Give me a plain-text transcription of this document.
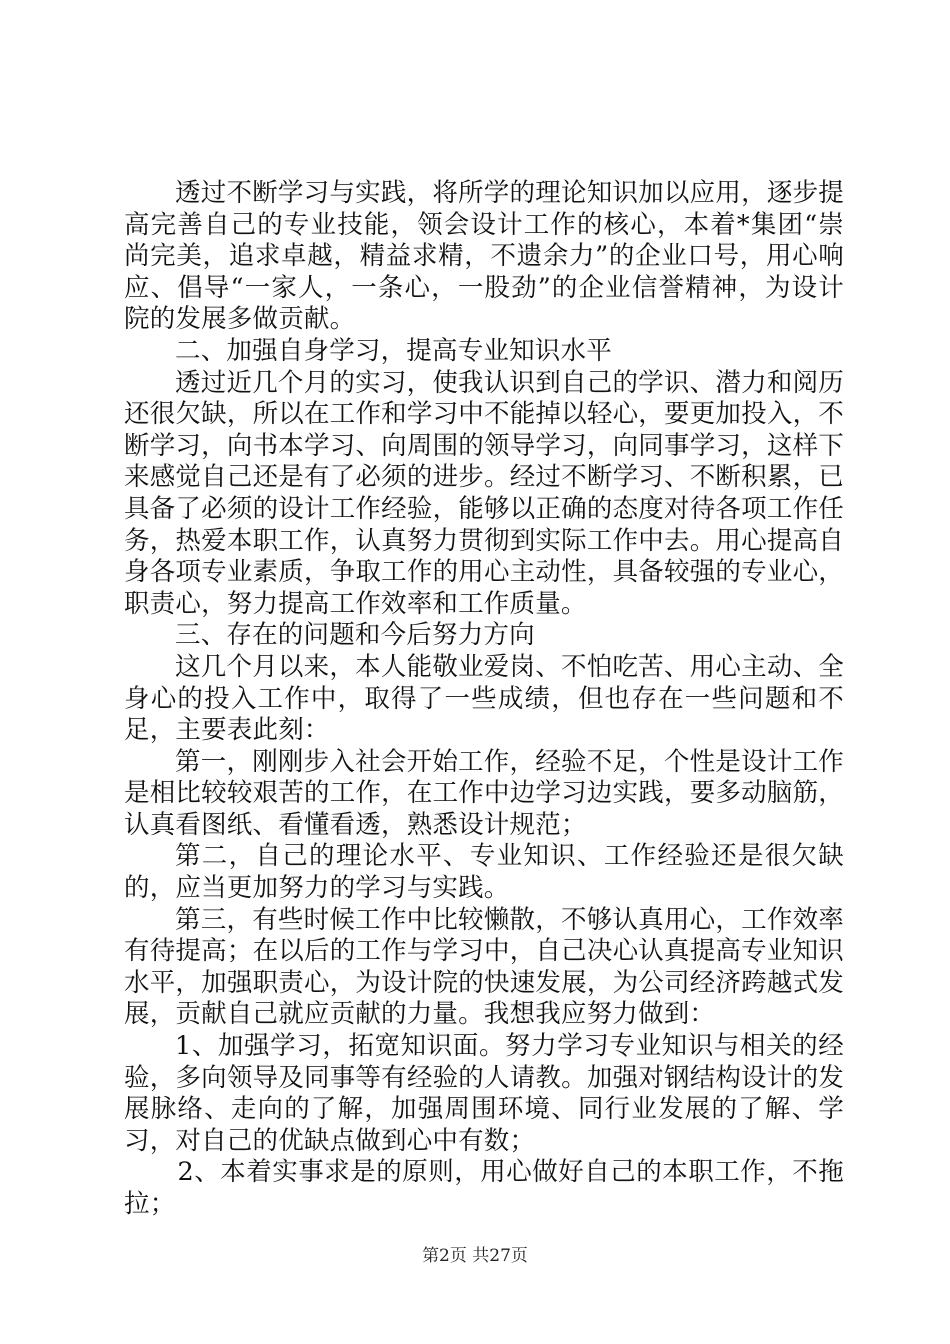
透过不断学习与实践，将所学的理论知识加以应用，逐步提高完善自己的专业技能，领会设计工作的核心，本着*集团“崇尚完美，追求卓越，精益求精，不遗余力”的企业口号，用心响应、倡导“一家人，一条心，一股劲”的企业信誉精神，为设计院的发展多做贡献。

二、加强自身学习，提高专业知识水平

透过近几个月的实习，使我认识到自己的学识、潜力和阅历还很欠缺，所以在工作和学习中不能掉以轻心，要更加投入，不断学习，向书本学习、向周围的领导学习，向同事学习，这样下来感觉自己还是有了必须的进步。经过不断学习、不断积累，已具备了必须的设计工作经验，能够以正确的态度对待各项工作任务，热爱本职工作，认真努力贯彻到实际工作中去。用心提高自身各项专业素质，争取工作的用心主动性，具备较强的专业心，职责心，努力提高工作效率和工作质量。

三、存在的问题和今后努力方向

这几个月以来，本人能敬业爱岗、不怕吃苦、用心主动、全身心的投入工作中，取得了一些成绩，但也存在一些问题和不足，主要表此刻：

第一，刚刚步入社会开始工作，经验不足，个性是设计工作是相比较较艰苦的工作，在工作中边学习边实践，要多动脑筋，认真看图纸、看懂看透，熟悉设计规范；

第二，自己的理论水平、专业知识、工作经验还是很欠缺的，应当更加努力的学习与实践。

第三，有些时候工作中比较懒散，不够认真用心，工作效率有待提高；在以后的工作与学习中，自己决心认真提高专业知识水平，加强职责心，为设计院的快速发展，为公司经济跨越式发展，贡献自己就应贡献的力量。我想我应努力做到：

1、加强学习，拓宽知识面。努力学习专业知识与相关的经验，多向领导及同事等有经验的人请教。加强对钢结构设计的发展脉络、走向的了解，加强周围环境、同行业发展的了解、学习，对自己的优缺点做到心中有数；

2、本着实事求是的原则，用心做好自己的本职工作，不拖拉；

第2页 共27页
